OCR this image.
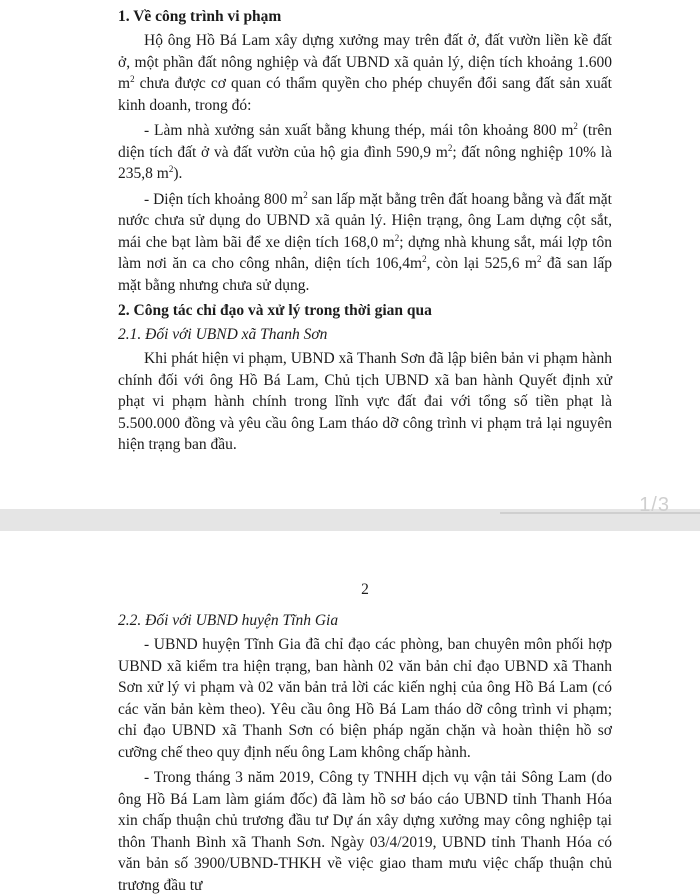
1. Về công trình vi phạm

Hộ ông Hồ Bá Lam xây dựng xưởng may trên đất ở, đất vườn liền kề đất ở, một phần đất nông nghiệp và đất UBND xã quản lý, diện tích khoảng 1.600 $m^2$ chưa được cơ quan có thẩm quyền cho phép chuyển đổi sang đất sản xuất kinh doanh, trong đó:

- Làm nhà xưởng sản xuất bằng khung thép, mái tôn khoảng 800 $m^2$ (trên diện tích đất ở và đất vườn của hộ gia đình 590,9 $m^2$; đất nông nghiệp 10% là 235,8 $m^2$).

- Diện tích khoảng 800 $m^2$ san lấp mặt bằng trên đất hoang bằng và đất mặt nước chưa sử dụng do UBND xã quản lý. Hiện trạng, ông Lam dựng cột sắt, mái che bạt làm bãi để xe diện tích 168,0 $m^2$; dựng nhà khung sắt, mái lợp tôn làm nơi ăn ca cho công nhân, diện tích $106,4m^2$, còn lại 525,6 $m^2$ đã san lấp mặt bằng nhưng chưa sử dụng.

2. Công tác chỉ đạo và xử lý trong thời gian qua
2.1. Đối với UBND xã Thanh Sơn

Khi phát hiện vi phạm, UBND xã Thanh Sơn đã lập biên bản vi phạm hành chính đối với ông Hồ Bá Lam, Chủ tịch UBND xã ban hành Quyết định xử phạt vi phạm hành chính trong lĩnh vực đất đai với tổng số tiền phạt là 5.500.000 đồng và yêu cầu ông Lam tháo dỡ công trình vi phạm trả lại nguyên hiện trạng ban đầu.

1/3
2
2.2. Đối với UBND huyện Tĩnh Gia

- UBND huyện Tĩnh Gia đã chỉ đạo các phòng, ban chuyên môn phối hợp UBND xã kiểm tra hiện trạng, ban hành 02 văn bản chỉ đạo UBND xã Thanh Sơn xử lý vi phạm và 02 văn bản trả lời các kiến nghị của ông Hồ Bá Lam (có các văn bản kèm theo). Yêu cầu ông Hồ Bá Lam tháo dỡ công trình vi phạm; chỉ đạo UBND xã Thanh Sơn có biện pháp ngăn chặn và hoàn thiện hồ sơ cưỡng chế theo quy định nếu ông Lam không chấp hành.

- Trong tháng 3 năm 2019, Công ty TNHH dịch vụ vận tải Sông Lam (do ông Hồ Bá Lam làm giám đốc) đã làm hồ sơ báo cáo UBND tỉnh Thanh Hóa xin chấp thuận chủ trương đầu tư Dự án xây dựng xưởng may công nghiệp tại thôn Thanh Bình xã Thanh Sơn. Ngày 03/4/2019, UBND tỉnh Thanh Hóa có văn bản số 3900/UBND-THKH về việc giao tham mưu việc chấp thuận chủ trương đầu tư
